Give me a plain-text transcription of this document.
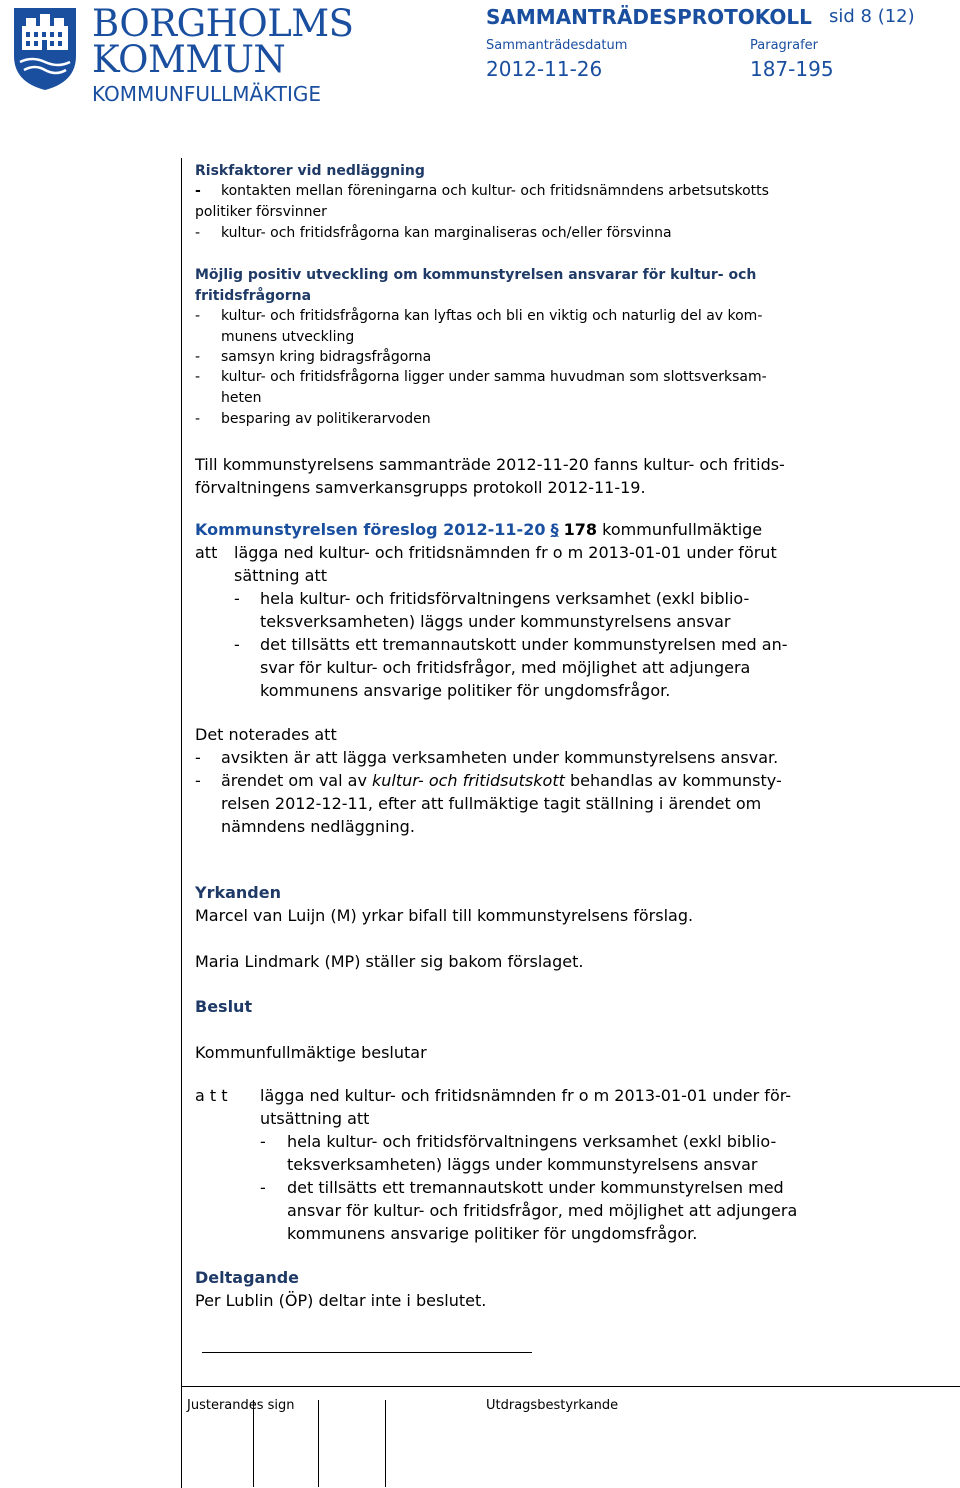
BORGHOLMS
KOMMUN
KOMMUNFULLMÄKTIGE
SAMMANTRÄDESPROTOKOLL sid 8 (12)
Sammanträdesdatum
2012-11-26
Paragrafer
187-195
Riskfaktorer vid nedläggning
- kontakten mellan föreningarna och kultur- och fritidsnämndens arbetsutskotts
politiker försvinner
- kultur- och fritidsfrågorna kan marginaliseras och/eller försvinna
Möjlig positiv utveckling om kommunstyrelsen ansvarar för kultur- och
fritidsfrågorna
- kultur- och fritidsfrågorna kan lyftas och bli en viktig och naturlig del av kom-
munens utveckling
- samsyn kring bidragsfrågorna
- kultur- och fritidsfrågorna ligger under samma huvudman som slottsverksam-
heten
- besparing av politikerarvoden
Till kommunstyrelsens sammanträde 2012-11-20 fanns kultur- och fritids-
förvaltningens samverkansgrupps protokoll 2012-11-19.
Kommunstyrelsen föreslog 2012-11-20 § 178 kommunfullmäktige
att lägga ned kultur- och fritidsnämnden fr o m 2013-01-01 under förut
sättning att
- hela kultur- och fritidsförvaltningens verksamhet (exkl biblio-
teksverksamheten) läggs under kommunstyrelsens ansvar
- det tillsätts ett tremannautskott under kommunstyrelsen med an-
svar för kultur- och fritidsfrågor, med möjlighet att adjungera
kommunens ansvarige politiker för ungdomsfrågor.
Det noterades att
- avsikten är att lägga verksamheten under kommunstyrelsens ansvar.
- ärendet om val av kultur- och fritidsutskott behandlas av kommunsty-
relsen 2012-12-11, efter att fullmäktige tagit ställning i ärendet om
nämndens nedläggning.
Yrkanden
Marcel van Luijn (M) yrkar bifall till kommunstyrelsens förslag.
Maria Lindmark (MP) ställer sig bakom förslaget.
Beslut
Kommunfullmäktige beslutar
a t t lägga ned kultur- och fritidsnämnden fr o m 2013-01-01 under för-
utsättning att
- hela kultur- och fritidsförvaltningens verksamhet (exkl biblio-
teksverksamheten) läggs under kommunstyrelsens ansvar
- det tillsätts ett tremannautskott under kommunstyrelsen med
ansvar för kultur- och fritidsfrågor, med möjlighet att adjungera
kommunens ansvarige politiker för ungdomsfrågor.
Deltagande
Per Lublin (ÖP) deltar inte i beslutet.
Justerandes sign	Utdragsbestyrkande
